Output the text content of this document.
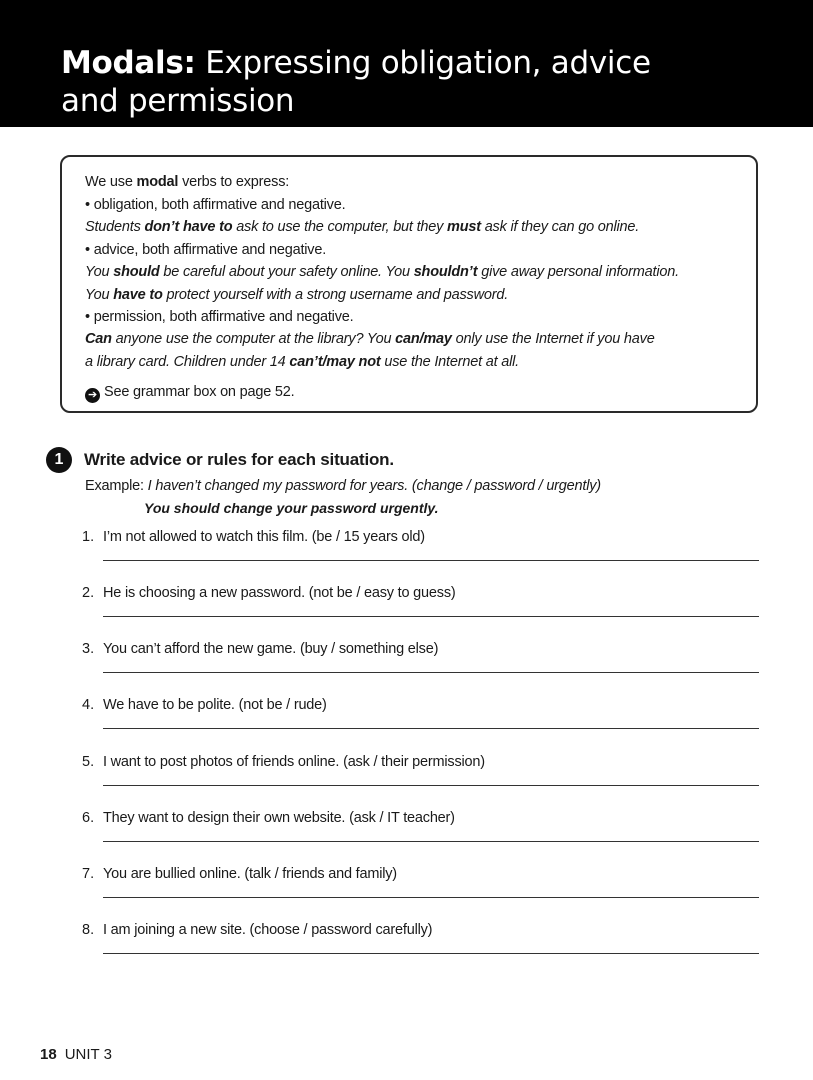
Modals: Expressing obligation, advice
and permission
We use modal verbs to express:
• obligation, both affirmative and negative.
Students don’t have to ask to use the computer, but they must ask if they can go online.
• advice, both affirmative and negative.
You should be careful about your safety online. You shouldn’t give away personal information.
You have to protect yourself with a strong username and password.
• permission, both affirmative and negative.
Can anyone use the computer at the library? You can/may only use the Internet if you have
a library card. Children under 14 can’t/may not use the Internet at all.
➔ See grammar box on page 52.
1	Write advice or rules for each situation.
Example: I haven’t changed my password for years. (change / password / urgently)
You should change your password urgently.
1. I’m not allowed to watch this film. (be / 15 years old)
2. He is choosing a new password. (not be / easy to guess)
3. You can’t afford the new game. (buy / something else)
4. We have to be polite. (not be / rude)
5. I want to post photos of friends online. (ask / their permission)
6. They want to design their own website. (ask / IT teacher)
7. You are bullied online. (talk / friends and family)
8. I am joining a new site. (choose / password carefully)
18 UNIT 3
